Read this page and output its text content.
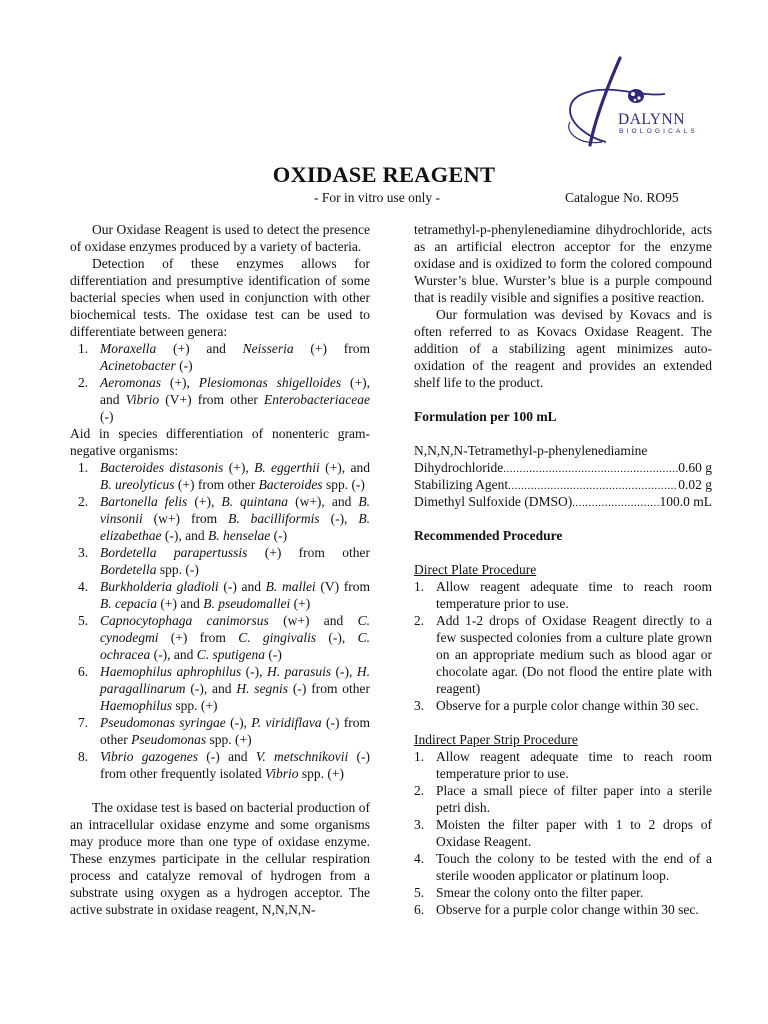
DALYNN
BIOLOGICALS
OXIDASE REAGENT
- For in vitro use only -	Catalogue No. RO95

Our Oxidase Reagent is used to detect the presence of oxidase enzymes produced by a variety of bacteria.

Detection of these enzymes allows for differentiation and presumptive identification of some bacterial species when used in conjunction with other biochemical tests. The oxidase test can be used to differentiate between genera:

1. Moraxella (+) and Neisseria (+) from Acinetobacter (-)
2. Aeromonas (+), Plesiomonas shigelloides (+), and Vibrio (V+) from other Enterobacteriaceae (-)

Aid in species differentiation of nonenteric gram-negative organisms:

1. Bacteroides distasonis (+), B. eggerthii (+), and B. ureolyticus (+) from other Bacteroides spp. (-)
2. Bartonella felis (+), B. quintana (w+), and B. vinsonii (w+) from B. bacilliformis (-), B. elizabethae (-), and B. henselae (-)
3. Bordetella parapertussis (+) from other Bordetella spp. (-)
4. Burkholderia gladioli (-) and B. mallei (V) from B. cepacia (+) and B. pseudomallei (+)
5. Capnocytophaga canimorsus (w+) and C. cynodegmi (+) from C. gingivalis (-), C. ochracea (-), and C. sputigena (-)
6. Haemophilus aphrophilus (-), H. parasuis (-), H. paragallinarum (-), and H. segnis (-) from other Haemophilus spp. (+)
7. Pseudomonas syringae (-), P. viridiflava (-) from other Pseudomonas spp. (+)
8. Vibrio gazogenes (-) and V. metschnikovii (-) from other frequently isolated Vibrio spp. (+)

The oxidase test is based on bacterial production of an intracellular oxidase enzyme and some organisms may produce more than one type of oxidase enzyme. These enzymes participate in the cellular respiration process and catalyze removal of hydrogen from a substrate using oxygen as a hydrogen acceptor. The active substrate in oxidase reagent, N,N,N,N-

tetramethyl-p-phenylenediamine dihydrochloride, acts as an artificial electron acceptor for the enzyme oxidase and is oxidized to form the colored compound Wurster’s blue. Wurster’s blue is a purple compound that is readily visible and signifies a positive reaction.

Our formulation was devised by Kovacs and is often referred to as Kovacs Oxidase Reagent. The addition of a stabilizing agent minimizes auto-oxidation of the reagent and provides an extended shelf life to the product.

Formulation per 100 mL

N,N,N,N-Tetramethyl-p-phenylenediamine

Dihydrochloride .....	0.60 g
Stabilizing Agent .....	0.02 g
Dimethyl Sulfoxide (DMSO) .....	100.0 mL

Recommended Procedure

Direct Plate Procedure

1. Allow reagent adequate time to reach room temperature prior to use.
2. Add 1-2 drops of Oxidase Reagent directly to a few suspected colonies from a culture plate grown on an appropriate medium such as blood agar or chocolate agar. (Do not flood the entire plate with reagent)
3. Observe for a purple color change within 30 sec.

Indirect Paper Strip Procedure

1. Allow reagent adequate time to reach room temperature prior to use.
2. Place a small piece of filter paper into a sterile petri dish.
3. Moisten the filter paper with 1 to 2 drops of Oxidase Reagent.
4. Touch the colony to be tested with the end of a sterile wooden applicator or platinum loop.
5. Smear the colony onto the filter paper.
6. Observe for a purple color change within 30 sec.
